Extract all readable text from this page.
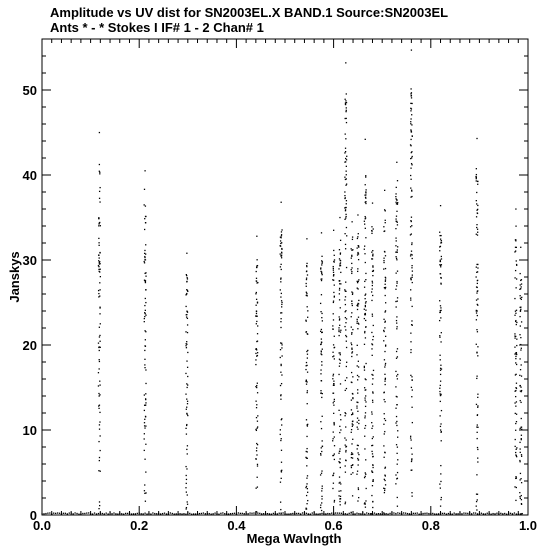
Amplitude vs UV dist for SN2003EL.X BAND.1 Source:SN2003EL
Ants * - * Stokes I IF# 1 - 2 Chan# 1
0.0	0.2	0.4	0.6	0.8	1.0
0
10
20
30
40
50
Mega Wavlngth
Janskys
